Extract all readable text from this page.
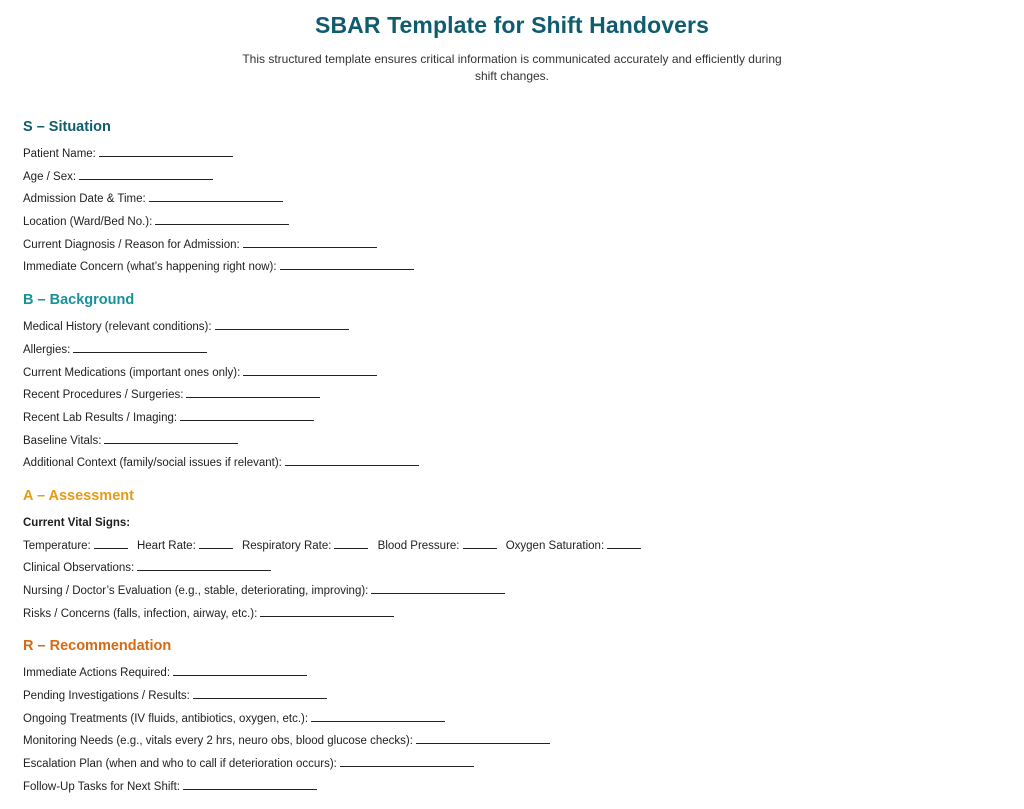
SBAR Template for Shift Handovers

This structured template ensures critical information is communicated accurately and efficiently during shift changes.

S – Situation
Patient Name:
Age / Sex:
Admission Date & Time:
Location (Ward/Bed No.):
Current Diagnosis / Reason for Admission:
Immediate Concern (what’s happening right now):
B – Background
Medical History (relevant conditions):
Allergies:
Current Medications (important ones only):
Recent Procedures / Surgeries:
Recent Lab Results / Imaging:
Baseline Vitals:
Additional Context (family/social issues if relevant):
A – Assessment
Current Vital Signs:
Temperature:	Heart Rate:	Respiratory Rate:	Blood Pressure:	Oxygen Saturation:
Clinical Observations:
Nursing / Doctor’s Evaluation (e.g., stable, deteriorating, improving):
Risks / Concerns (falls, infection, airway, etc.):
R – Recommendation
Immediate Actions Required:
Pending Investigations / Results:
Ongoing Treatments (IV fluids, antibiotics, oxygen, etc.):
Monitoring Needs (e.g., vitals every 2 hrs, neuro obs, blood glucose checks):
Escalation Plan (when and who to call if deterioration occurs):
Follow-Up Tasks for Next Shift:
